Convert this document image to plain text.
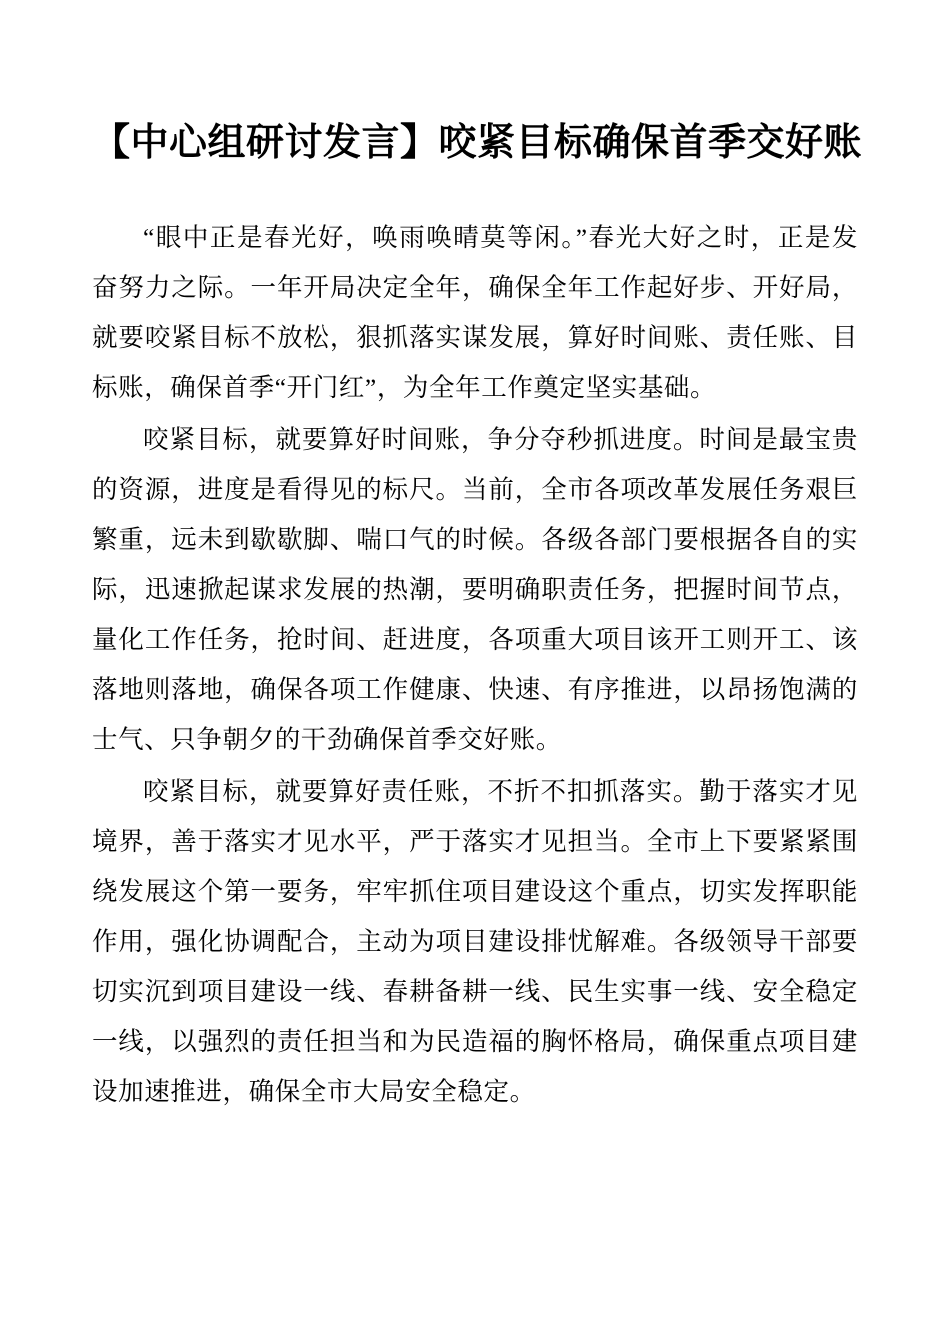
【中心组研讨发言】咬紧目标确保首季交好账

“眼中正是春光好，唤雨唤晴莫等闲。”春光大好之时，正是发奋努力之际。一年开局决定全年，确保全年工作起好步、开好局，就要咬紧目标不放松，狠抓落实谋发展，算好时间账、责任账、目标账，确保首季“开门红”，为全年工作奠定坚实基础。

咬紧目标，就要算好时间账，争分夺秒抓进度。时间是最宝贵的资源，进度是看得见的标尺。当前，全市各项改革发展任务艰巨繁重，远未到歇歇脚、喘口气的时候。各级各部门要根据各自的实际，迅速掀起谋求发展的热潮，要明确职责任务，把握时间节点，量化工作任务，抢时间、赶进度，各项重大项目该开工则开工、该落地则落地，确保各项工作健康、快速、有序推进，以昂扬饱满的士气、只争朝夕的干劲确保首季交好账。

咬紧目标，就要算好责任账，不折不扣抓落实。勤于落实才见境界，善于落实才见水平，严于落实才见担当。全市上下要紧紧围绕发展这个第一要务，牢牢抓住项目建设这个重点，切实发挥职能作用，强化协调配合，主动为项目建设排忧解难。各级领导干部要切实沉到项目建设一线、春耕备耕一线、民生实事一线、安全稳定一线，以强烈的责任担当和为民造福的胸怀格局，确保重点项目建设加速推进，确保全市大局安全稳定。
